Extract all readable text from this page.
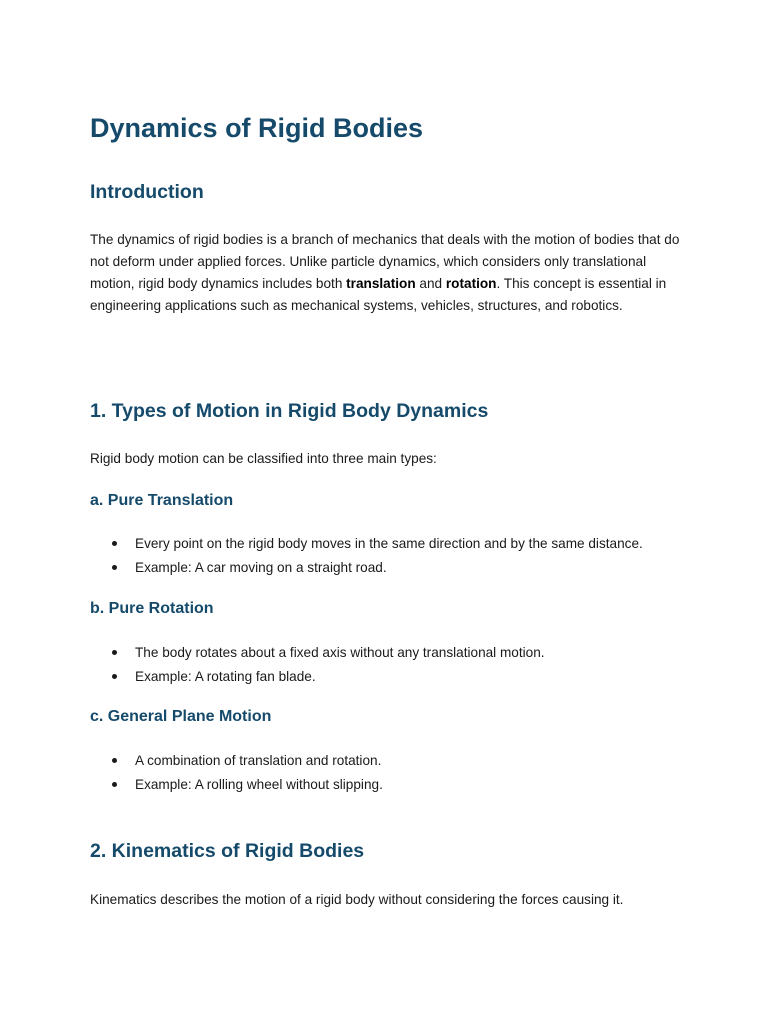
Dynamics of Rigid Bodies
Introduction

The dynamics of rigid bodies is a branch of mechanics that deals with the motion of bodies that do not deform under applied forces. Unlike particle dynamics, which considers only translational motion, rigid body dynamics includes both translation and rotation. This concept is essential in engineering applications such as mechanical systems, vehicles, structures, and robotics.

1. Types of Motion in Rigid Body Dynamics

Rigid body motion can be classified into three main types:

a. Pure Translation
Every point on the rigid body moves in the same direction and by the same distance.
Example: A car moving on a straight road.
b. Pure Rotation
The body rotates about a fixed axis without any translational motion.
Example: A rotating fan blade.
c. General Plane Motion
A combination of translation and rotation.
Example: A rolling wheel without slipping.
2. Kinematics of Rigid Bodies

Kinematics describes the motion of a rigid body without considering the forces causing it.
